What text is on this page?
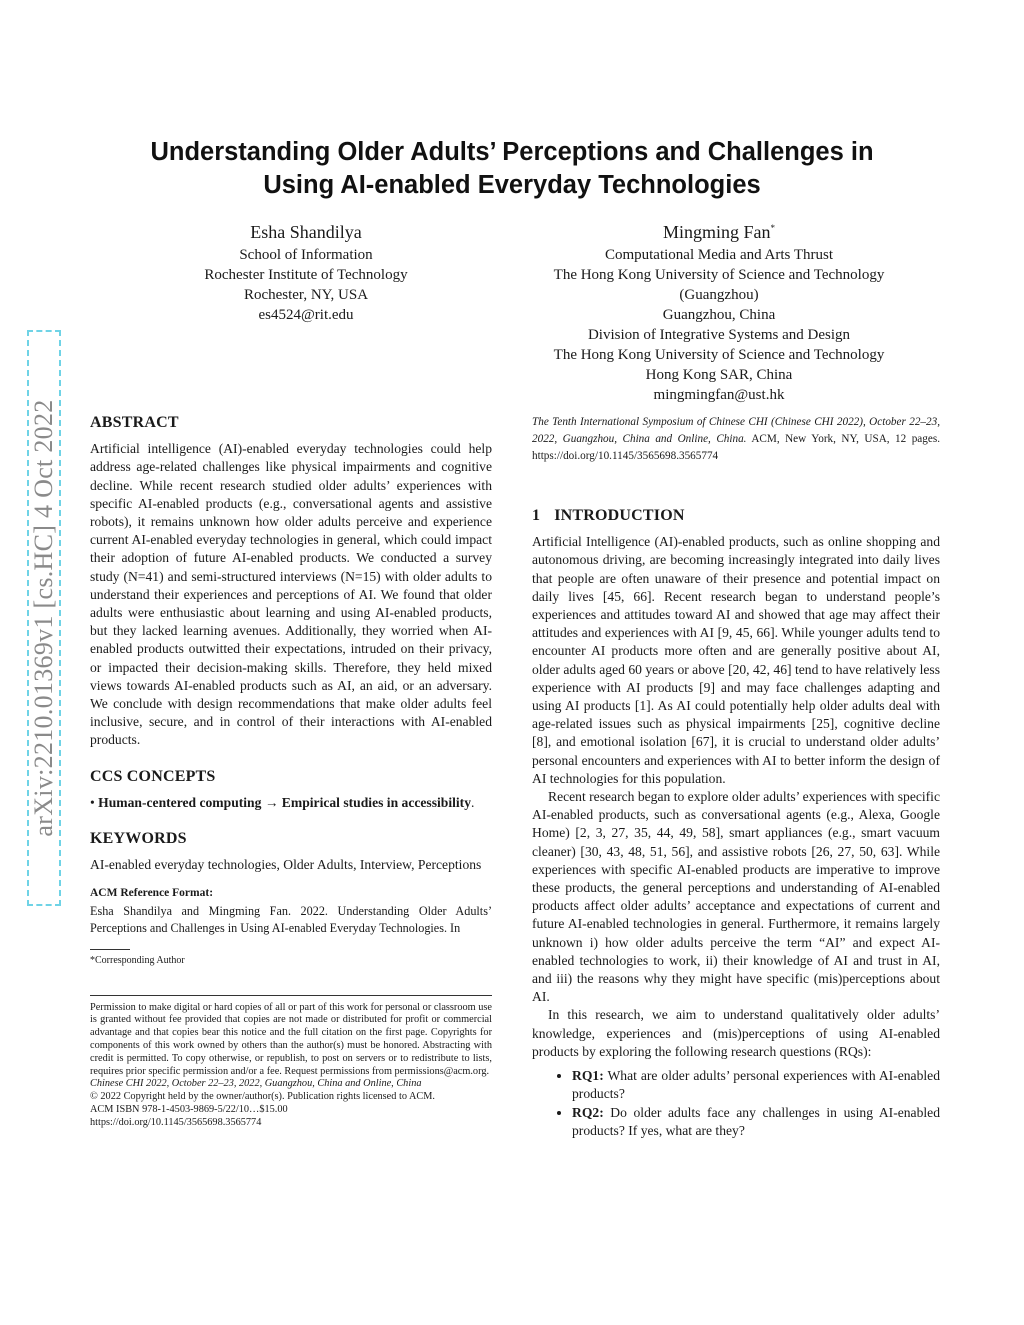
arXiv:2210.01369v1 [cs.HC] 4 Oct 2022
Understanding Older Adults’ Perceptions and Challenges in
Using AI-enabled Everyday Technologies
Esha Shandilya
School of Information
Rochester Institute of Technology
Rochester, NY, USA
es4524@rit.edu
Mingming Fan*
Computational Media and Arts Thrust
The Hong Kong University of Science and Technology
(Guangzhou)
Guangzhou, China
Division of Integrative Systems and Design
The Hong Kong University of Science and Technology
Hong Kong SAR, China
mingmingfan@ust.hk
ABSTRACT

Artificial intelligence (AI)-enabled everyday technologies could help address age-related challenges like physical impairments and cognitive decline. While recent research studied older adults’ experiences with specific AI-enabled products (e.g., conversational agents and assistive robots), it remains unknown how older adults perceive and experience current AI-enabled everyday technologies in general, which could impact their adoption of future AI-enabled products. We conducted a survey study (N=41) and semi-structured interviews (N=15) with older adults to understand their experiences and perceptions of AI. We found that older adults were enthusiastic about learning and using AI-enabled products, but they lacked learning avenues. Additionally, they worried when AI-enabled products outwitted their expectations, intruded on their privacy, or impacted their decision-making skills. Therefore, they held mixed views towards AI-enabled products such as AI, an aid, or an adversary. We conclude with design recommendations that make older adults feel inclusive, secure, and in control of their interactions with AI-enabled products.

CCS CONCEPTS

• Human-centered computing → Empirical studies in accessibility.

KEYWORDS

AI-enabled everyday technologies, Older Adults, Interview, Perceptions

ACM Reference Format:

Esha Shandilya and Mingming Fan. 2022. Understanding Older Adults’ Perceptions and Challenges in Using AI-enabled Everyday Technologies. In

*Corresponding Author

Permission to make digital or hard copies of all or part of this work for personal or classroom use is granted without fee provided that copies are not made or distributed for profit or commercial advantage and that copies bear this notice and the full citation on the first page. Copyrights for components of this work owned by others than the author(s) must be honored. Abstracting with credit is permitted. To copy otherwise, or republish, to post on servers or to redistribute to lists, requires prior specific permission and/or a fee. Request permissions from permissions@acm.org.

Chinese CHI 2022, October 22–23, 2022, Guangzhou, China and Online, China
© 2022 Copyright held by the owner/author(s). Publication rights licensed to ACM.
ACM ISBN 978-1-4503-9869-5/22/10…$15.00
https://doi.org/10.1145/3565698.3565774

The Tenth International Symposium of Chinese CHI (Chinese CHI 2022), October 22–23, 2022, Guangzhou, China and Online, China. ACM, New York, NY, USA, 12 pages. https://doi.org/10.1145/3565698.3565774

1 INTRODUCTION

Artificial Intelligence (AI)-enabled products, such as online shopping and autonomous driving, are becoming increasingly integrated into daily lives that people are often unaware of their presence and potential impact on daily lives [45, 66]. Recent research began to understand people’s experiences and attitudes toward AI and showed that age may affect their attitudes and experiences with AI [9, 45, 66]. While younger adults tend to encounter AI products more often and are generally positive about AI, older adults aged 60 years or above [20, 42, 46] tend to have relatively less experience with AI products [9] and may face challenges adapting and using AI products [1]. As AI could potentially help older adults deal with age-related issues such as physical impairments [25], cognitive decline [8], and emotional isolation [67], it is crucial to understand older adults’ personal encounters and experiences with AI to better inform the design of AI technologies for this population.

Recent research began to explore older adults’ experiences with specific AI-enabled products, such as conversational agents (e.g., Alexa, Google Home) [2, 3, 27, 35, 44, 49, 58], smart appliances (e.g., smart vacuum cleaner) [30, 43, 48, 51, 56], and assistive robots [26, 27, 50, 63]. While experiences with specific AI-enabled products are imperative to improve these products, the general perceptions and understanding of AI-enabled products affect older adults’ acceptance and expectations of current and future AI-enabled technologies in general. Furthermore, it remains largely unknown i) how older adults perceive the term “AI” and expect AI-enabled technologies to work, ii) their knowledge of AI and trust in AI, and iii) the reasons why they might have specific (mis)perceptions about AI.

In this research, we aim to understand qualitatively older adults’ knowledge, experiences and (mis)perceptions of using AI-enabled products by exploring the following research questions (RQs):

• RQ1: What are older adults’ personal experiences with AI-enabled products?
• RQ2: Do older adults face any challenges in using AI-enabled products? If yes, what are they?
